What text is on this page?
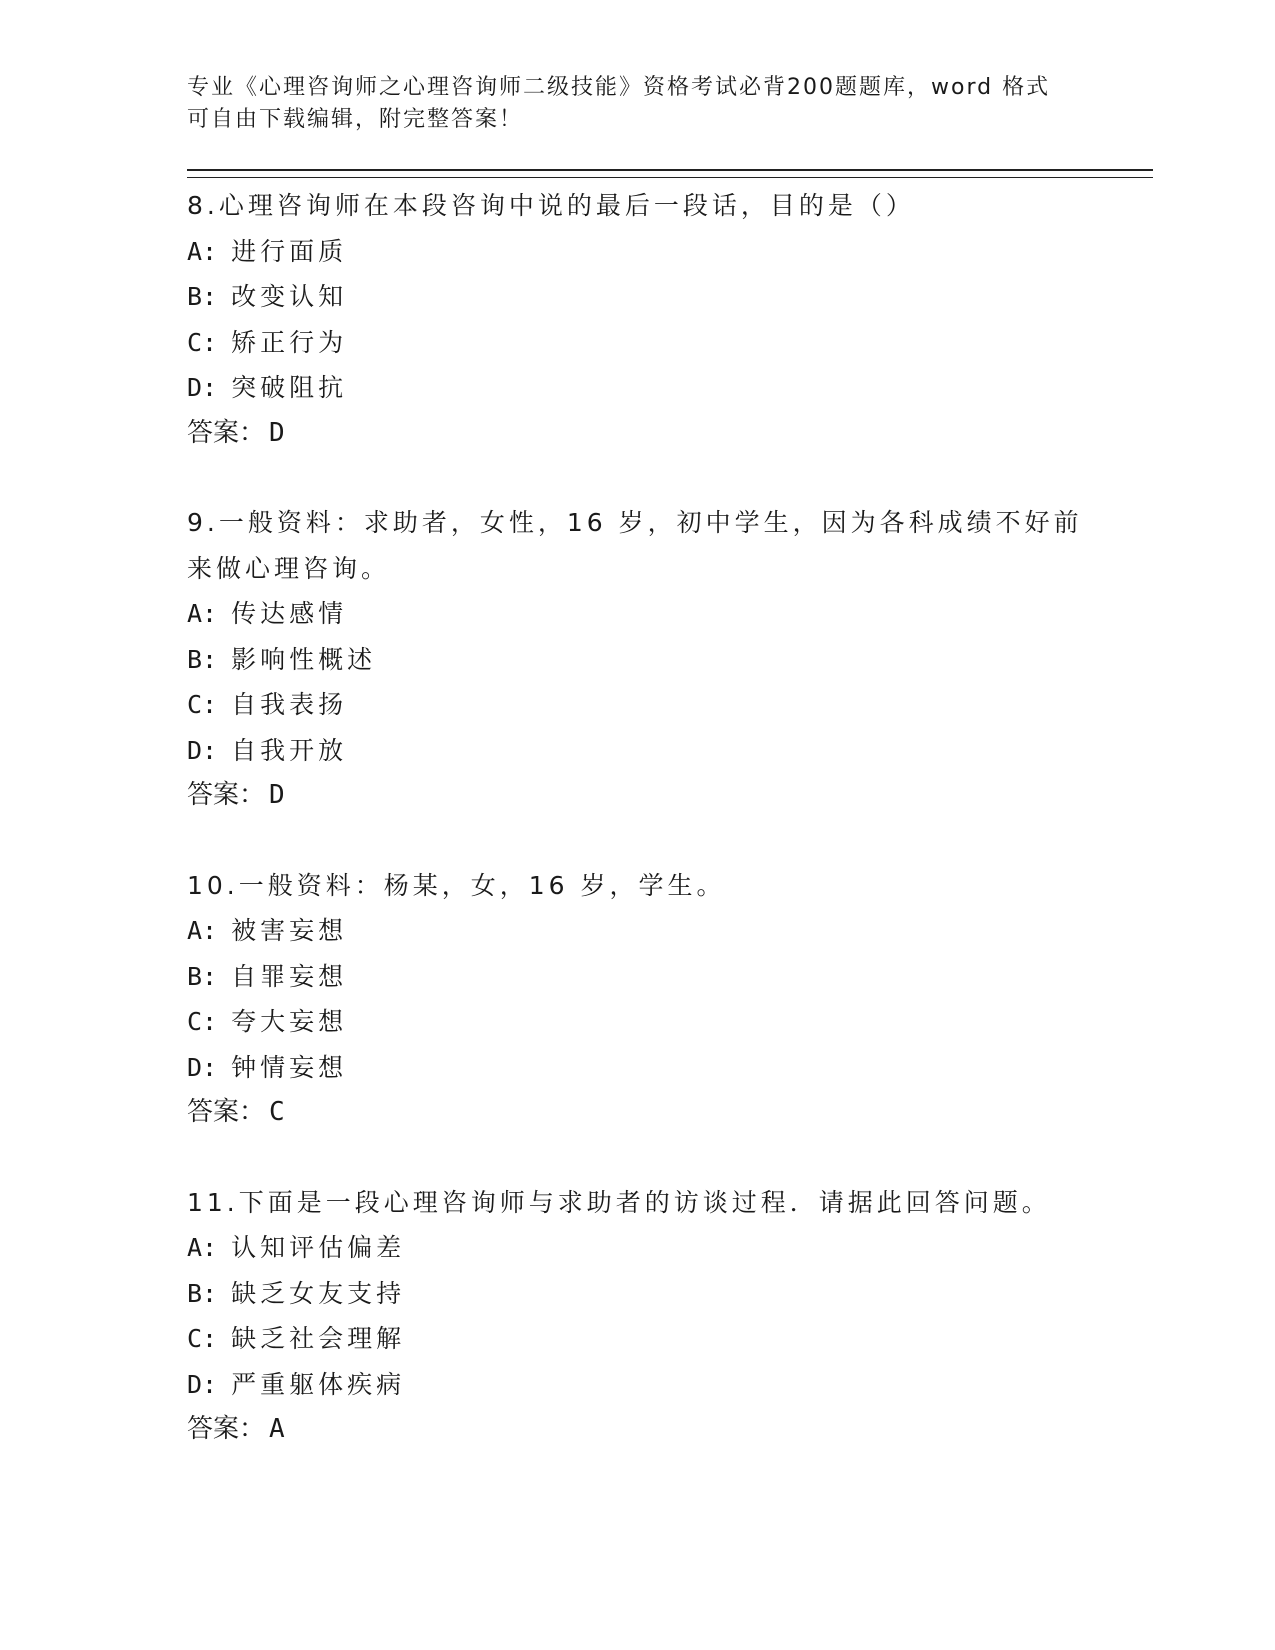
专业《心理咨询师之心理咨询师二级技能》资格考试必背200题题库，word 格式
可自由下载编辑，附完整答案！
8.心理咨询师在本段咨询中说的最后一段话，目的是（）
A: 进行面质
B: 改变认知
C: 矫正行为
D: 突破阻抗
答案： D
9.一般资料：求助者，女性，16 岁，初中学生，因为各科成绩不好前
来做心理咨询。
A: 传达感情
B: 影响性概述
C: 自我表扬
D: 自我开放
答案： D
10.一般资料：杨某，女，16 岁，学生。
A: 被害妄想
B: 自罪妄想
C: 夸大妄想
D: 钟情妄想
答案： C
11.下面是一段心理咨询师与求助者的访谈过程．请据此回答问题。
A: 认知评估偏差
B: 缺乏女友支持
C: 缺乏社会理解
D: 严重躯体疾病
答案： A
